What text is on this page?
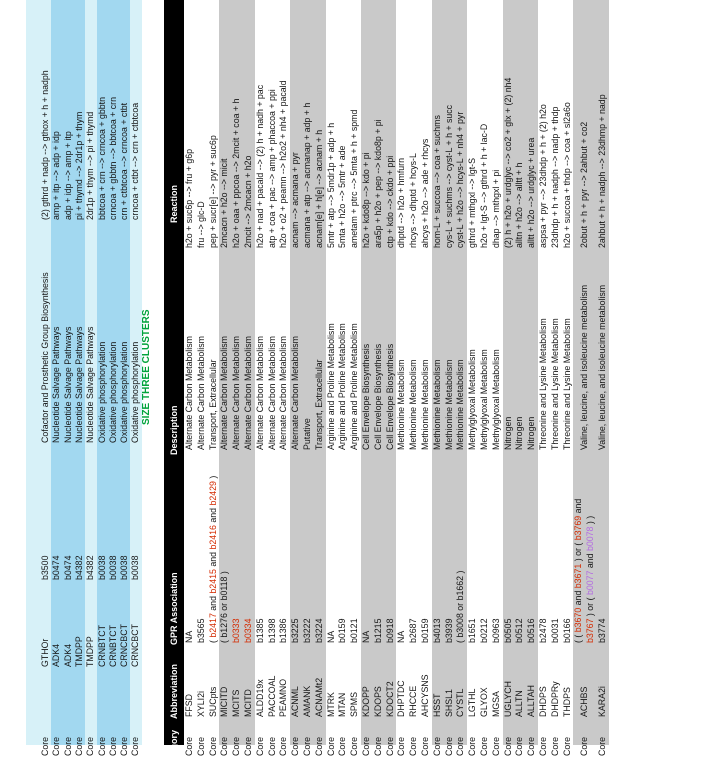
Core
GTHOr
b3500
Cofactor and Prosthetic Group Biosynthesis
(2) gthrd + nadp --> gthox + h + nadph
Core
ADK4
b0474
Nucleotide Salvage Pathways
amp + itp --> adp + idp
Core
ADK4
b0474
Nucleotide Salvage Pathways
adp + idp --> amp + itp
Core
TMDPP
b4382
Nucleotide Salvage Pathways
pi + thymd --> 2dr1p + thym
Core
TMDPP
b4382
Nucleotide Salvage Pathways
2dr1p + thym --> pi + thymd
Core
CRNBTCT
b0038
Oxidative phosphorylation
bbtcoa + crn --> crncoa + gbbtn
Core
CRNBTCT
b0038
Oxidative phosphorylation
crncoa + gbbtn --> bbtcoa + crn
Core
CRNCBCT
b0038
Oxidative phosphorylation
crn + ctbtcoa --> crncoa + ctbt
Core
CRNCBCT
b0038
Oxidative phosphorylation
crncoa + ctbt --> crn + ctbtcoa
SIZE THREE CLUSTERS
Core
FFSD
NA
Alternate Carbon Metabolism
h2o + suc6p --> fru + g6p
Core
XYLI2i
b3565
Alternate Carbon Metabolism
fru --> glc-D
Core
SUCpts
( b2417 and b2415 and b2416 and b2429 )
Transport, Extracellular
pep + sucr[e] --> pyr + suc6p
Core
MICITD
( b1276 or b0118 )
Alternate Carbon Metabolism
2mcacn + h2o --> micit
Core
MCITS
b0333
Alternate Carbon Metabolism
h2o + oaa + ppcoa --> 2mcit + coa + h
Core
MCITD
b0334
Alternate Carbon Metabolism
2mcit --> 2mcacn + h2o
Core
ALDD19x
b1385
Alternate Carbon Metabolism
h2o + nad + pacald --> (2) h + nadh + pac
Core
PACCOAL
b1398
Alternate Carbon Metabolism
atp + coa + pac --> amp + phaccoa + ppi
Core
PEAMNO
b1386
Alternate Carbon Metabolism
h2o + o2 + peamn --> h2o2 + nh4 + pacald
Core
ACNML
b3225
Alternate Carbon Metabolism
acnam --> acmana + pyr
Core
AMANK
b3222
Putative
acmana + atp --> acmanap + adp + h
Core
ACNAMt2
b3224
Transport, Extracellular
acnam[e] + h[e] --> acnam + h
Core
MTRK
NA
Arginine and Proline Metabolism
5mtr + atp --> 5mdr1p + adp + h
Core
MTAN
b0159
Arginine and Proline Metabolism
5mta + h2o --> 5mtr + ade
Core
SPMS
b0121
Arginine and Proline Metabolism
ametam + ptrc --> 5mta + h + spmd
Core
KDOPP
NA
Cell Envelope Biosynthesis
h2o + kdo8p --> kdo + pi
Core
KDOPS
b1215
Cell Envelope Biosynthesis
ara5p + h2o + pep --> kdo8p + pi
Core
KDOCT2
b0918
Cell Envelope Biosynthesis
ctp + kdo --> ckdo + ppi
Core
DHPTDC
NA
Methionine Metabolism
dhptd --> h2o + hmfurn
Core
RHCCE
b2687
Methionine Metabolism
rhcys --> dhptd + hcys-L
Core
AHCYSNS
b0159
Methionine Metabolism
ahcys + h2o --> ade + rhcys
Core
HSST
b4013
Methionine Metabolism
hom-L + succoa --> coa + suchms
Core
SHSL1
b3939
Methionine Metabolism
cys-L + suchms --> cyst-L + h + succ
Core
CYSTL
( b3008 or b1662 )
Methionine Metabolism
cyst-L + h2o --> hcys-L + nh4 + pyr
Core
LGTHL
b1651
Methylglyoxal Metabolism
gthrd + mthgxl --> lgt-S
Core
GLYOX
b0212
Methylglyoxal Metabolism
h2o + lgt-S --> gthrd + h + lac-D
Core
MGSA
b0963
Methylglyoxal Metabolism
dhap --> mthgxl + pi
Core
UGLYCH
b0505
Nitrogen
(2) h + h2o + urdglyc --> co2 + glx + (2) nh4
Core
ALLTN
b0512
Nitrogen
alltn + h2o --> alltt + h
Core
ALLTAH
b0516
Nitrogen
alltt + h2o --> urdglyc + urea
Core
DHDPS
b2478
Threonine and Lysine Metabolism
aspsa + pyr --> 23dhdp + h + (2) h2o
Core
DHDPRy
b0031
Threonine and Lysine Metabolism
23dhdp + h + nadph --> nadp + thdp
Core
THDPS
b0166
Threonine and Lysine Metabolism
h2o + succoa + thdp --> coa + sl2a6o
Core
ACHBS
( ( b3670 and b3671 ) or ( b3769 and
b3767 ) or ( b0077 and b0078 ) )
Valine, leucine, and isoleucine metabolism
2obut + h + pyr --> 2ahbut + co2
Core
KARA2i
b3774
Valine, leucine, and isoleucine metabolism
2ahbut + h + nadph --> 23dhmp + nadp
Category
Abbreviation
GPR Association
Description
Reaction
